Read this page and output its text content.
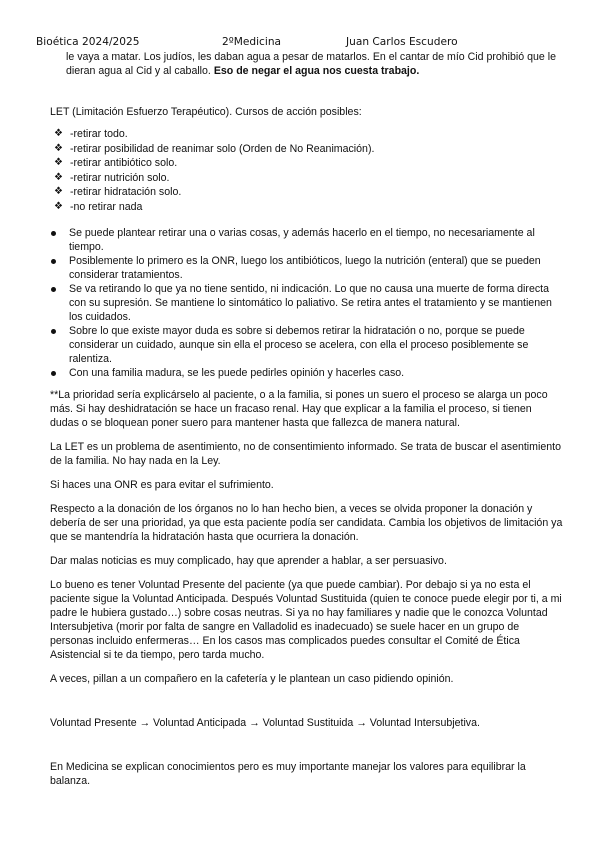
Bioética 2024/2025	2ºMedicina	Juan Carlos Escudero

le vaya a matar. Los judíos, les daban agua a pesar de matarlos. En el cantar de mío Cid prohibió que le dieran agua al Cid y al caballo. Eso de negar el agua nos cuesta trabajo.

LET (Limitación Esfuerzo Terapéutico). Cursos de acción posibles:

❖ -retirar todo.
❖ -retirar posibilidad de reanimar solo (Orden de No Reanimación).
❖ -retirar antibiótico solo.
❖ -retirar nutrición solo.
❖ -retirar hidratación solo.
❖ -no retirar nada
Se puede plantear retirar una o varias cosas, y además hacerlo en el tiempo, no necesariamente al tiempo.
Posiblemente lo primero es la ONR, luego los antibióticos, luego la nutrición (enteral) que se pueden considerar tratamientos.
Se va retirando lo que ya no tiene sentido, ni indicación. Lo que no causa una muerte de forma directa con su supresión. Se mantiene lo sintomático lo paliativo. Se retira antes el tratamiento y se mantienen los cuidados.
Sobre lo que existe mayor duda es sobre si debemos retirar la hidratación o no, porque se puede considerar un cuidado, aunque sin ella el proceso se acelera, con ella el proceso posiblemente se ralentiza.
Con una familia madura, se les puede pedirles opinión y hacerles caso.

**La prioridad sería explicárselo al paciente, o a la familia, si pones un suero el proceso se alarga un poco más. Si hay deshidratación se hace un fracaso renal. Hay que explicar a la familia el proceso, si tienen dudas o se bloquean poner suero para mantener hasta que fallezca de manera natural.

La LET es un problema de asentimiento, no de consentimiento informado. Se trata de buscar el asentimiento de la familia. No hay nada en la Ley.

Si haces una ONR es para evitar el sufrimiento.

Respecto a la donación de los órganos no lo han hecho bien, a veces se olvida proponer la donación y debería de ser una prioridad, ya que esta paciente podía ser candidata. Cambia los objetivos de limitación ya que se mantendría la hidratación hasta que ocurriera la donación.

Dar malas noticias es muy complicado, hay que aprender a hablar, a ser persuasivo.

Lo bueno es tener Voluntad Presente del paciente (ya que puede cambiar). Por debajo si ya no esta el paciente sigue la Voluntad Anticipada. Después Voluntad Sustituida (quien te conoce puede elegir por ti, a mi padre le hubiera gustado…) sobre cosas neutras. Si ya no hay familiares y nadie que le conozca Voluntad Intersubjetiva (morir por falta de sangre en Valladolid es inadecuado) se suele hacer en un grupo de personas incluido enfermeras… En los casos mas complicados puedes consultar el Comité de Ética Asistencial si te da tiempo, pero tarda mucho.

A veces, pillan a un compañero en la cafetería y le plantean un caso pidiendo opinión.

Voluntad Presente → Voluntad Anticipada → Voluntad Sustituida → Voluntad Intersubjetiva.

En Medicina se explican conocimientos pero es muy importante manejar los valores para equilibrar la balanza.
